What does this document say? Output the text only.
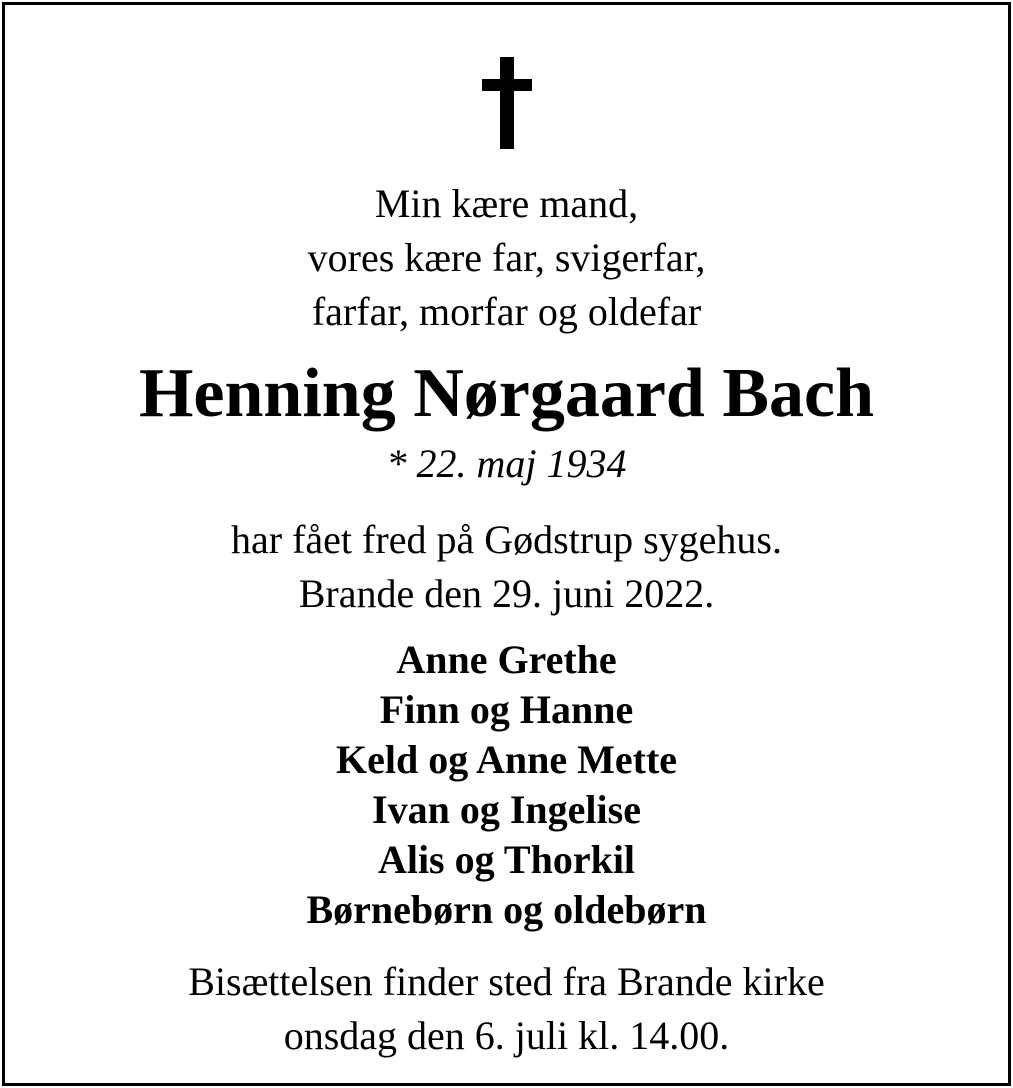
Min kære mand,
vores kære far, svigerfar,
farfar, morfar og oldefar
Henning Nørgaard Bach
* 22. maj 1934
har fået fred på Gødstrup sygehus.
Brande den 29. juni 2022.
Anne Grethe
Finn og Hanne
Keld og Anne Mette
Ivan og Ingelise
Alis og Thorkil
Børnebørn og oldebørn
Bisættelsen finder sted fra Brande kirke
onsdag den 6. juli kl. 14.00.
